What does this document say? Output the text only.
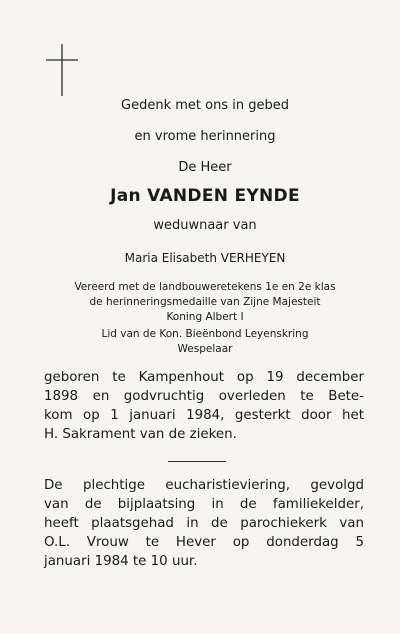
Gedenk met ons in gebed
en vrome herinnering
De Heer
Jan VANDEN EYNDE
weduwnaar van
Maria Elisabeth VERHEYEN
Vereerd met de landbouweretekens 1e en 2e klas
de herinneringsmedaille van Zijne Majesteit
Koning Albert I
Lid van de Kon. Bieënbond Leyenskring
Wespelaar
geboren te Kampenhout op 19 december
1898 en godvruchtig overleden te Bete-
kom op 1 januari 1984, gesterkt door het
H. Sakrament van de zieken.
De plechtige eucharistieviering, gevolgd
van de bijplaatsing in de familiekelder,
heeft plaatsgehad in de parochiekerk van
O.L. Vrouw te Hever op donderdag 5
januari 1984 te 10 uur.
